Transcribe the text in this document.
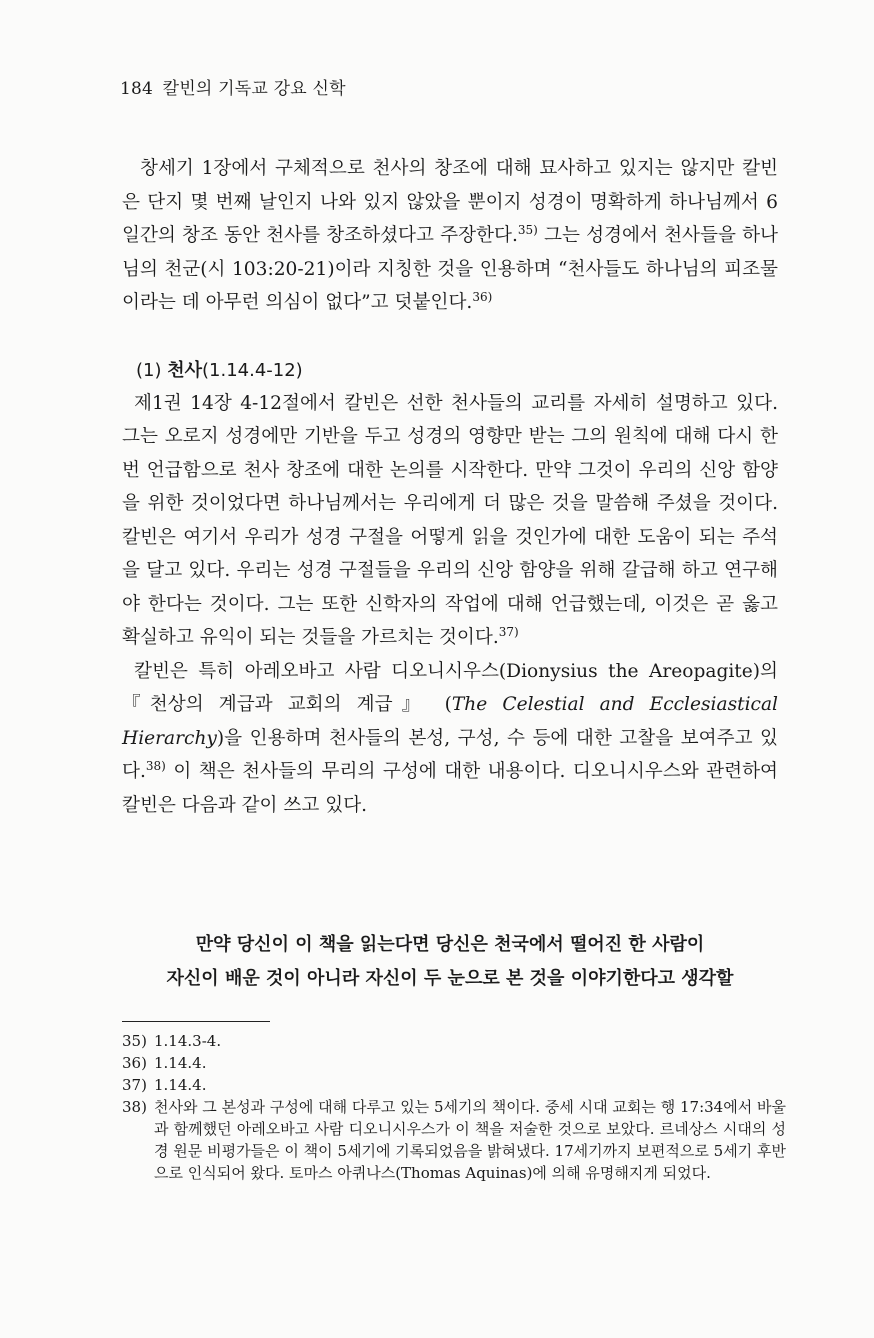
184 칼빈의 기독교 강요 신학

창세기 1장에서 구체적으로 천사의 창조에 대해 묘사하고 있지는 않지만 칼빈은 단지 몇 번째 날인지 나와 있지 않았을 뿐이지 성경이 명확하게 하나님께서 6일간의 창조 동안 천사를 창조하셨다고 주장한다.$^{35)}$ 그는 성경에서 천사들을 하나님의 천군(시 103:20-21)이라 지칭한 것을 인용하며 “천사들도 하나님의 피조물이라는 데 아무런 의심이 없다”고 덧붙인다.$^{36)}$

(1) 천사(1.14.4-12)

제1권 14장 4-12절에서 칼빈은 선한 천사들의 교리를 자세히 설명하고 있다. 그는 오로지 성경에만 기반을 두고 성경의 영향만 받는 그의 원칙에 대해 다시 한번 언급함으로 천사 창조에 대한 논의를 시작한다. 만약 그것이 우리의 신앙 함양을 위한 것이었다면 하나님께서는 우리에게 더 많은 것을 말씀해 주셨을 것이다. 칼빈은 여기서 우리가 성경 구절을 어떻게 읽을 것인가에 대한 도움이 되는 주석을 달고 있다. 우리는 성경 구절들을 우리의 신앙 함양을 위해 갈급해 하고 연구해야 한다는 것이다. 그는 또한 신학자의 작업에 대해 언급했는데, 이것은 곧 옳고 확실하고 유익이 되는 것들을 가르치는 것이다.$^{37)}$

칼빈은 특히 아레오바고 사람 디오니시우스(Dionysius the Areopagite)의 『천상의 계급과 교회의 계급』 (The Celestial and Ecclesiastical Hierarchy)을 인용하며 천사들의 본성, 구성, 수 등에 대한 고찰을 보여주고 있다.$^{38)}$ 이 책은 천사들의 무리의 구성에 대한 내용이다. 디오니시우스와 관련하여 칼빈은 다음과 같이 쓰고 있다.

만약 당신이 이 책을 읽는다면 당신은 천국에서 떨어진 한 사람이
자신이 배운 것이 아니라 자신이 두 눈으로 본 것을 이야기한다고 생각할
35) 1.14.3-4.
36) 1.14.4.
37) 1.14.4.
38) 천사와 그 본성과 구성에 대해 다루고 있는 5세기의 책이다. 중세 시대 교회는 행 17:34에서 바울과 함께했던 아레오바고 사람 디오니시우스가 이 책을 저술한 것으로 보았다. 르네상스 시대의 성경 원문 비평가들은 이 책이 5세기에 기록되었음을 밝혀냈다. 17세기까지 보편적으로 5세기 후반으로 인식되어 왔다. 토마스 아퀴나스(Thomas Aquinas)에 의해 유명해지게 되었다.
